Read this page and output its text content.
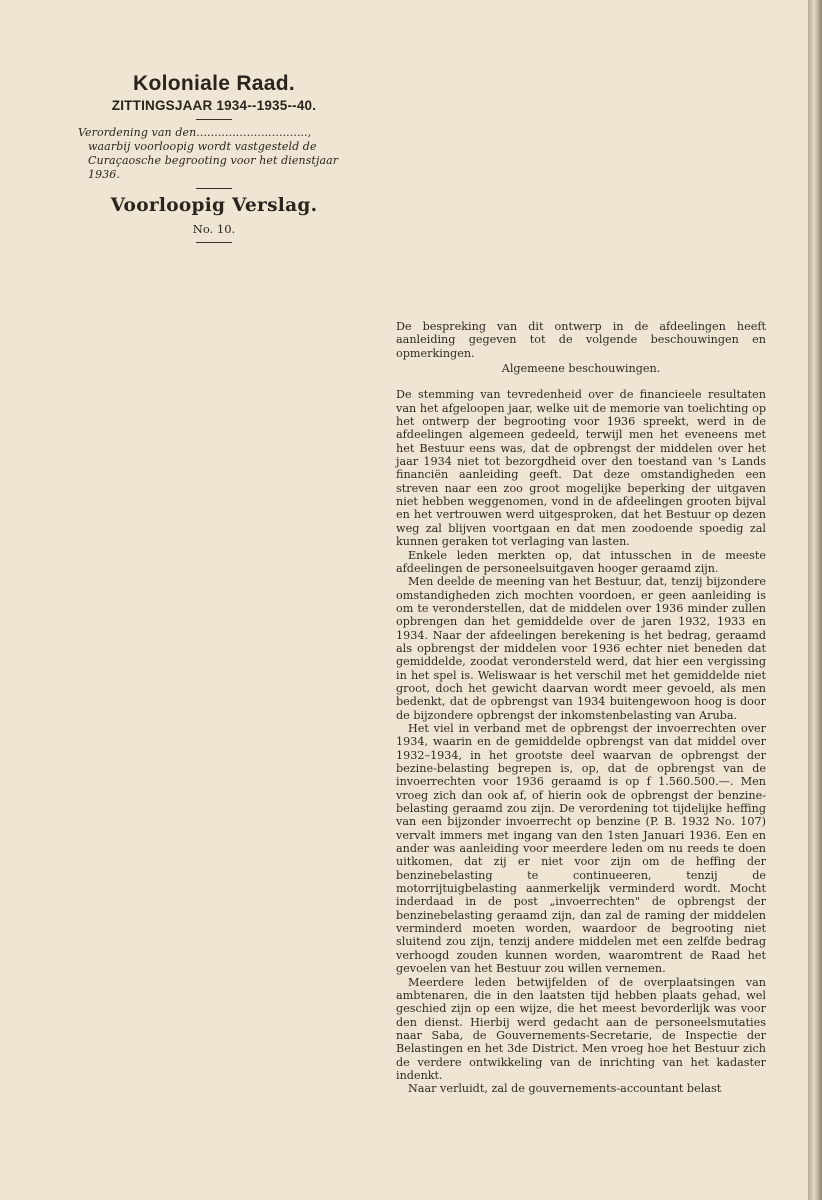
Koloniale Raad.
ZITTINGSJAAR 1934--1935--40.

Verordening van den..............................., waarbij voorloopig wordt vastgesteld de Curaçaosche begrooting voor het dienstjaar 1936.

Voorloopig Verslag.
No. 10.

De bespreking van dit ontwerp in de afdeelingen heeft aanleiding gegeven tot de volgende beschouwingen en opmerkingen.

Algemeene beschouwingen.

De stemming van tevredenheid over de financieele resultaten van het afgeloopen jaar, welke uit de memorie van toelichting op het ontwerp der begrooting voor 1936 spreekt, werd in de afdeelingen algemeen gedeeld, terwijl men het eveneens met het Bestuur eens was, dat de opbrengst der middelen over het jaar 1934 niet tot bezorgdheid over den toestand van 's Lands financiën aanleiding geeft. Dat deze omstandigheden een streven naar een zoo groot mogelijke beperking der uitgaven niet hebben weggenomen, vond in de afdeelingen grooten bijval en het vertrouwen werd uitgesproken, dat het Bestuur op dezen weg zal blijven voortgaan en dat men zoodoende spoedig zal kunnen geraken tot verlaging van lasten.

Enkele leden merkten op, dat intusschen in de meeste afdeelingen de personeelsuitgaven hooger geraamd zijn.

Men deelde de meening van het Bestuur, dat, tenzij bijzondere omstandigheden zich mochten voordoen, er geen aanleiding is om te veronderstellen, dat de middelen over 1936 minder zullen opbrengen dan het gemiddelde over de jaren 1932, 1933 en 1934. Naar der afdeelingen berekening is het bedrag, geraamd als opbrengst der middelen voor 1936 echter niet beneden dat gemiddelde, zoodat verondersteld werd, dat hier een vergissing in het spel is. Weliswaar is het verschil met het gemiddelde niet groot, doch het gewicht daarvan wordt meer gevoeld, als men bedenkt, dat de opbrengst van 1934 buitengewoon hoog is door de bijzondere opbrengst der inkomstenbelasting van Aruba.

Het viel in verband met de opbrengst der invoerrechten over 1934, waarin en de gemiddelde opbrengst van dat middel over 1932–1934, in het grootste deel waarvan de opbrengst der bezine-belasting begrepen is, op, dat de opbrengst van de invoerrechten voor 1936 geraamd is op f 1.560.500.—. Men vroeg zich dan ook af, of hierin ook de opbrengst der benzine-belasting geraamd zou zijn. De verordening tot tijdelijke heffing van een bijzonder invoerrecht op benzine (P. B. 1932 No. 107) vervalt immers met ingang van den 1sten Januari 1936. Een en ander was aanleiding voor meerdere leden om nu reeds te doen uitkomen, dat zij er niet voor zijn om de heffing der benzinebelasting te continueeren, tenzij de motorrijtuigbelasting aanmerkelijk verminderd wordt. Mocht inderdaad in de post „invoerrechten" de opbrengst der benzinebelasting geraamd zijn, dan zal de raming der middelen verminderd moeten worden, waardoor de begrooting niet sluitend zou zijn, tenzij andere middelen met een zelfde bedrag verhoogd zouden kunnen worden, waaromtrent de Raad het gevoelen van het Bestuur zou willen vernemen.

Meerdere leden betwijfelden of de overplaatsingen van ambtenaren, die in den laatsten tijd hebben plaats gehad, wel geschied zijn op een wijze, die het meest bevorderlijk was voor den dienst. Hierbij werd gedacht aan de personeelsmutaties naar Saba, de Gouvernements-Secretarie, de Inspectie der Belastingen en het 3de District. Men vroeg hoe het Bestuur zich de verdere ontwikkeling van de inrichting van het kadaster indenkt.

Naar verluidt, zal de gouvernements-accountant belast
